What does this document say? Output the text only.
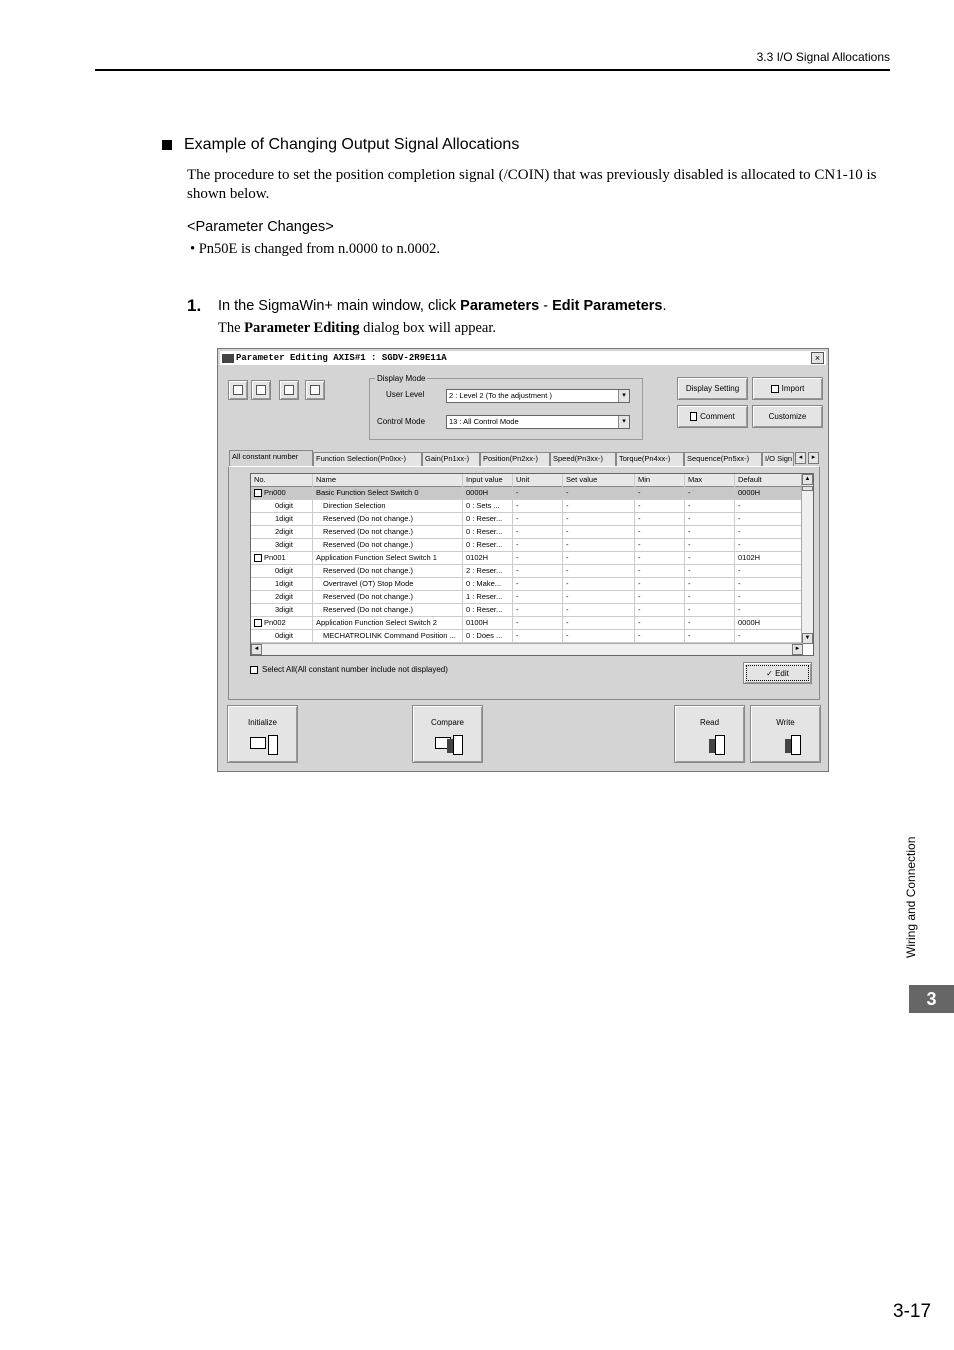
3.3 I/O Signal Allocations
Example of Changing Output Signal Allocations
The procedure to set the position completion signal (/COIN) that was previously disabled is allocated to CN1-10 is shown below.
<Parameter Changes>
• Pn50E is changed from n.0000 to n.0002.
1. In the SigmaWin+ main window, click Parameters - Edit Parameters.
The Parameter Editing dialog box will appear.
Parameter Editing AXIS#1 : SGDV-2R9E11A	×
Display Mode
User Level	2 : Level 2 (To the adjustment )	▾
Control Mode	13 : All Control Mode	▾
Display Setting	Import
Comment	Customize
All constant number	Function Selection(Pn0xx-)	Gain(Pn1xx-)	Position(Pn2xx-)	Speed(Pn3xx-)	Torque(Pn4xx-)	Sequence(Pn5xx-)	I/O Sign ◂	▸
No.	Name	Input value	Unit	Set value	Min	Max	Default
Pn000	Basic Function Select Switch 0	0000H	-	-	-	-	0000H
0digit	Direction Selection	0 : Sets ...	-	-	-	-	-
1digit	Reserved (Do not change.)	0 : Reser...	-	-	-	-	-
2digit	Reserved (Do not change.)	0 : Reser...	-	-	-	-	-
3digit	Reserved (Do not change.)	0 : Reser...	-	-	-	-	-
Pn001	Application Function Select Switch 1	0102H	-	-	-	-	0102H
0digit	Reserved (Do not change.)	2 : Reser...	-	-	-	-	-
1digit	Overtravel (OT) Stop Mode	0 : Make...	-	-	-	-	-
2digit	Reserved (Do not change.)	1 : Reser...	-	-	-	-	-
3digit	Reserved (Do not change.)	0 : Reser...	-	-	-	-	-
Pn002	Application Function Select Switch 2	0100H	-	-	-	-	0000H
0digit	MECHATROLINK Command Position ...	0 : Does ...	-	-	-	-	-
▲
▼
◄	►
Select All(All constant number include not displayed)	✓ Edit
Initialize	Compare	Read	Write
Wiring and Connection
3
3-17
